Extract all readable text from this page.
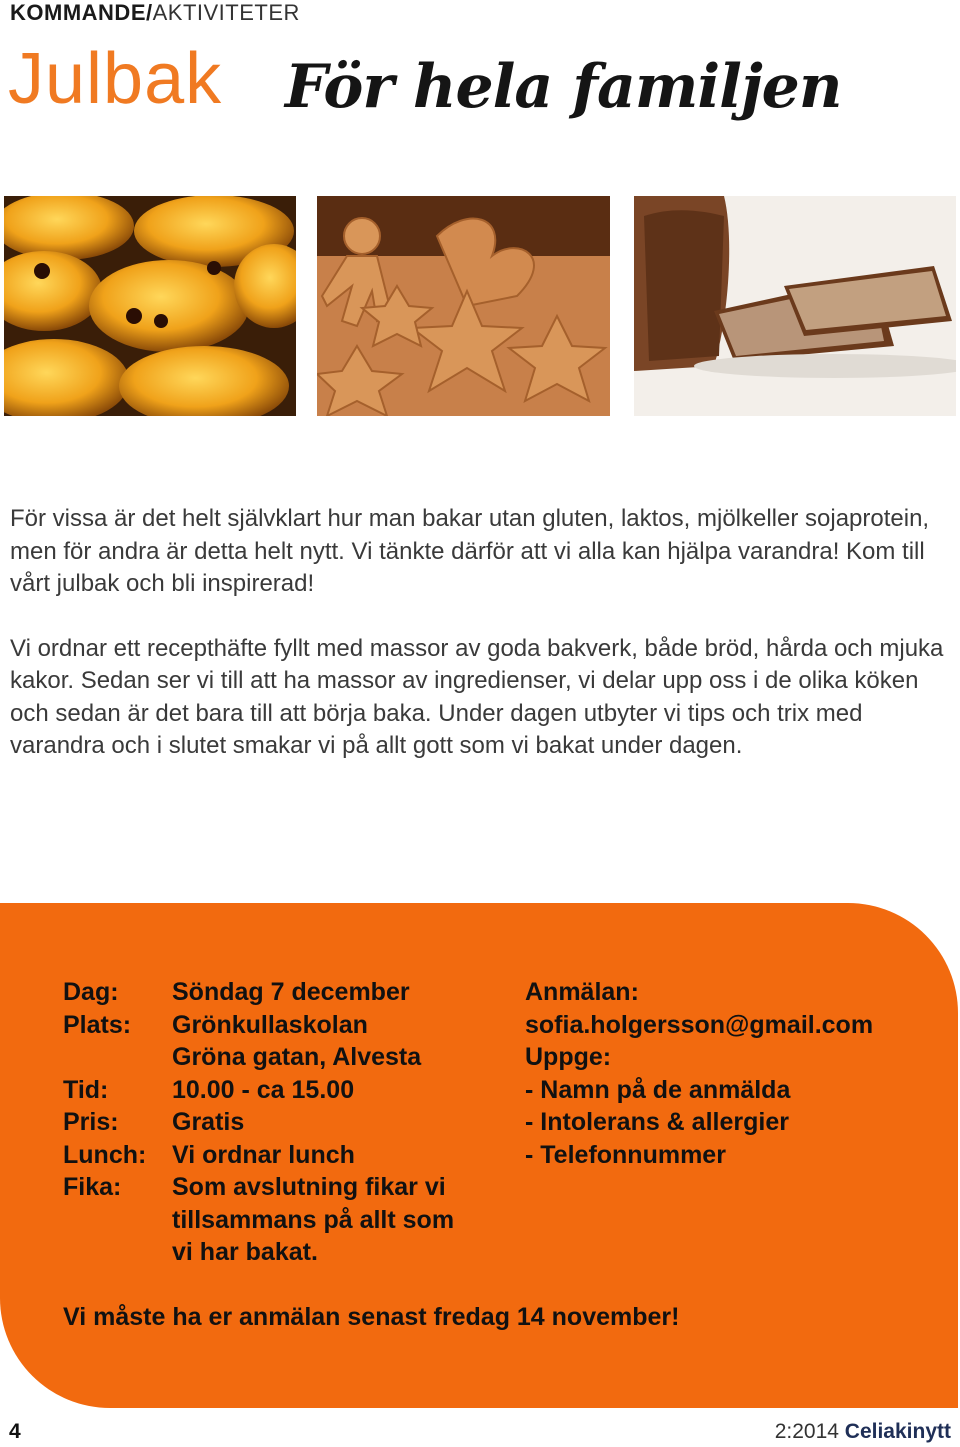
KOMMANDE/AKTIVITETER
Julbak För hela familjen

För vissa är det helt självklart hur man bakar utan gluten, laktos, mjölkeller sojaprotein, men för andra är detta helt nytt. Vi tänkte därför att vi alla kan hjälpa varandra! Kom till vårt julbak och bli inspirerad!

Vi ordnar ett recepthäfte fyllt med massor av goda bakverk, både bröd, hårda och mjuka kakor. Sedan ser vi till att ha massor av ingredienser, vi delar upp oss i de olika köken och sedan är det bara till att börja baka. Under dagen utbyter vi tips och trix med varandra och i slutet smakar vi på allt gott som vi bakat under dagen.

Dag:	Söndag 7 december
Plats:	Grönkullaskolan
Gröna gatan, Alvesta
Tid:	10.00 - ca 15.00
Pris:	Gratis
Lunch:	Vi ordnar lunch
Fika:	Som avslutning fikar vi
tillsammans på allt som
vi har bakat.
Anmälan:
sofia.holgersson@gmail.com
Uppge:
- Namn på de anmälda
- Intolerans & allergier
- Telefonnummer
Vi måste ha er anmälan senast fredag 14 november!
4	2:2014 Celiakinytt
